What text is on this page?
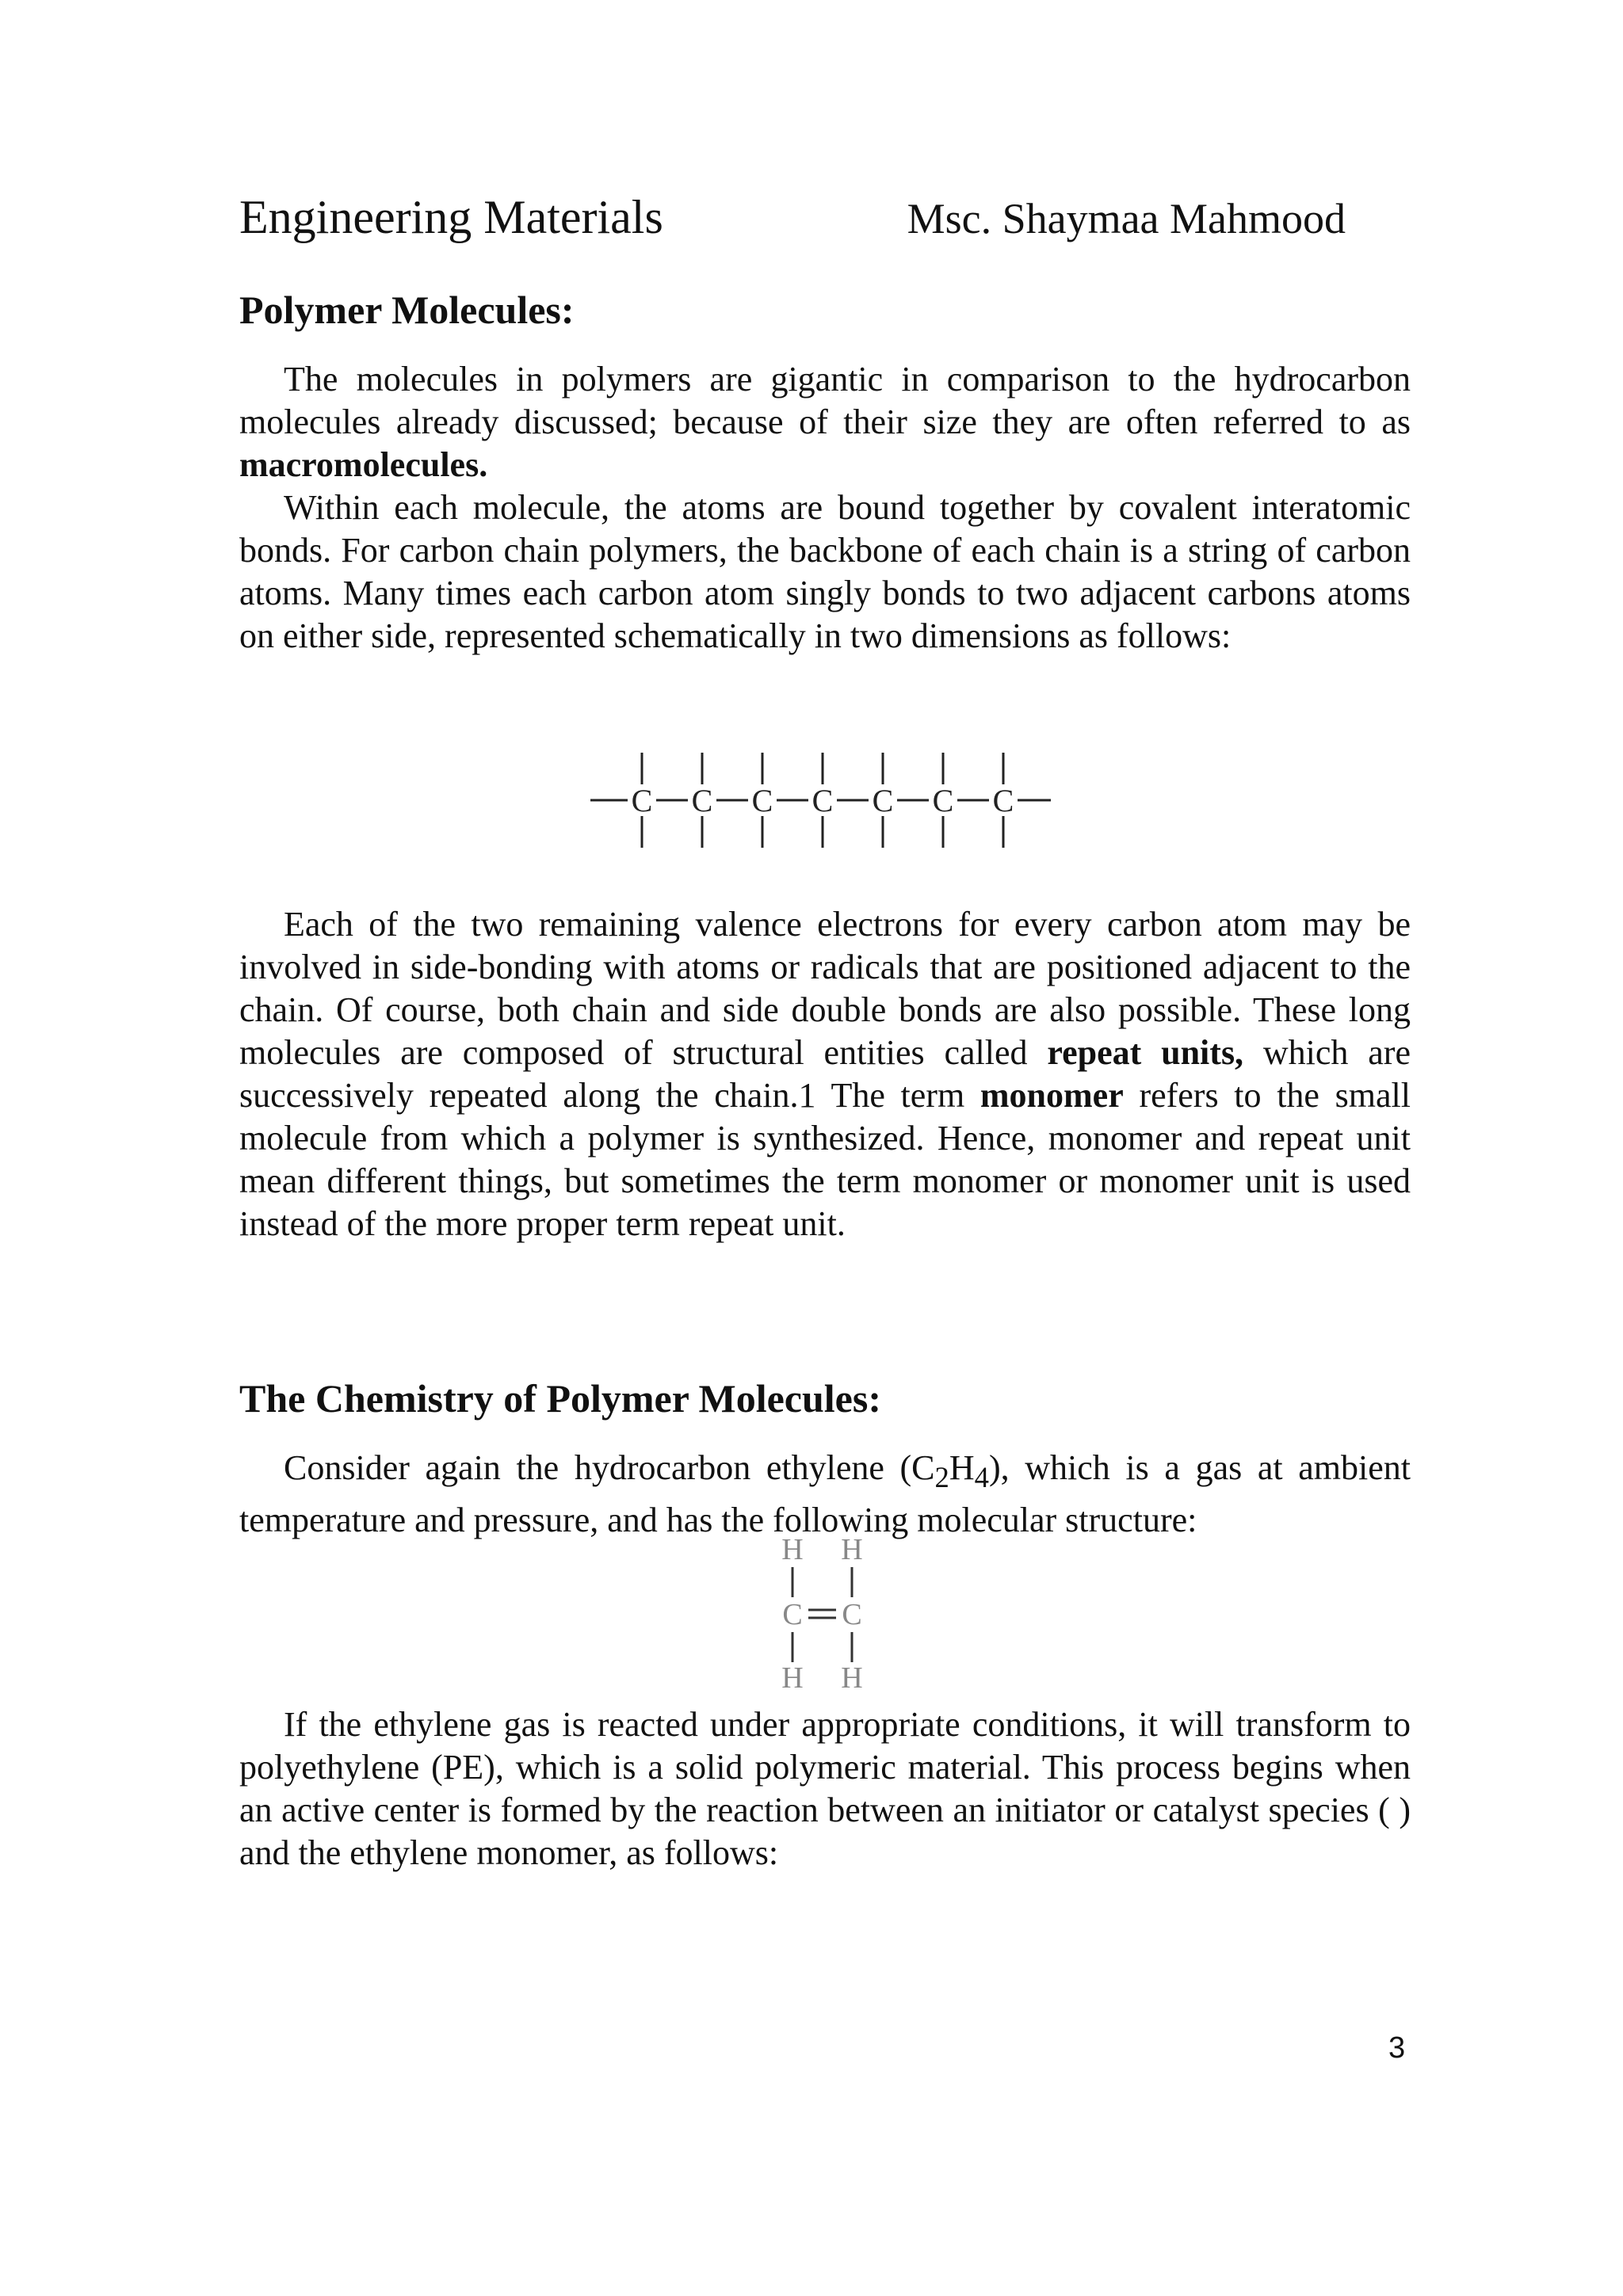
Engineering Materials	Msc. Shaymaa Mahmood
Polymer Molecules:

The molecules in polymers are gigantic in comparison to the hydrocarbon molecules already discussed; because of their size they are often referred to as macromolecules.

Within each molecule, the atoms are bound together by covalent interatomic bonds. For carbon chain polymers, the backbone of each chain is a string of carbon atoms. Many times each carbon atom singly bonds to two adjacent carbons atoms on either side, represented schematically in two dimensions as follows:

C C C C C C C

Each of the two remaining valence electrons for every carbon atom may be involved in side-bonding with atoms or radicals that are positioned adjacent to the chain. Of course, both chain and side double bonds are also possible. These long molecules are composed of structural entities called repeat units, which are successively repeated along the chain.1 The term monomer refers to the small molecule from which a polymer is synthesized. Hence, monomer and repeat unit mean different things, but sometimes the term monomer or monomer unit is used instead of the more proper term repeat unit.

The Chemistry of Polymer Molecules:

Consider again the hydrocarbon ethylene $(C_2H_4)$, which is a gas at ambient temperature and pressure, and has the following molecular structure:

H H
C C
H H

If the ethylene gas is reacted under appropriate conditions, it will transform to polyethylene (PE), which is a solid polymeric material. This process begins when an active center is formed by the reaction between an initiator or catalyst species ( ) and the ethylene monomer, as follows:

3
